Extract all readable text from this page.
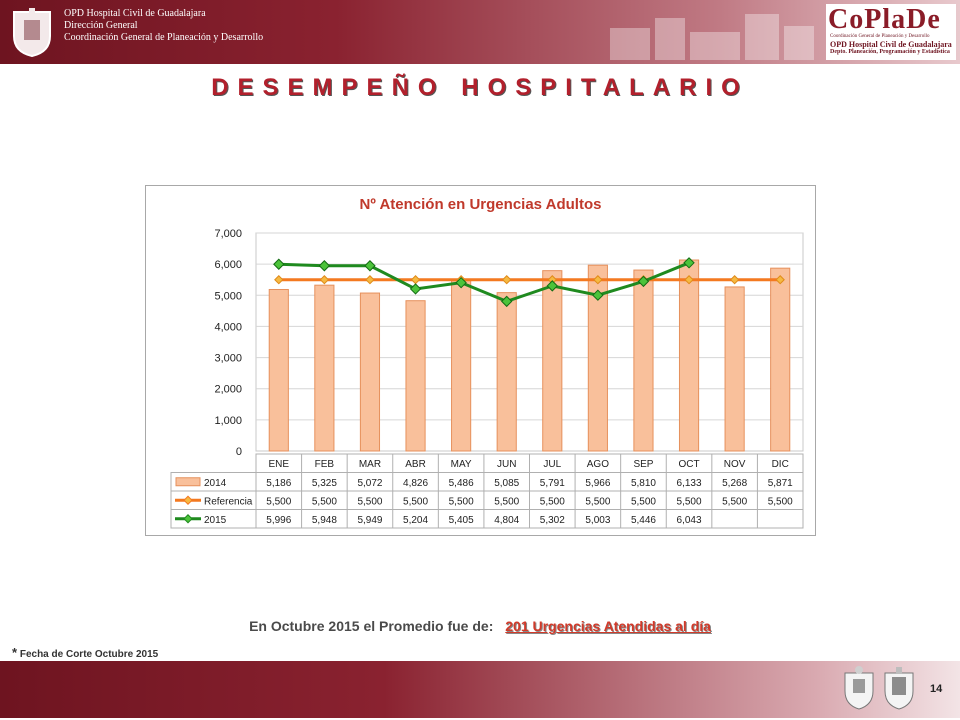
OPD Hospital Civil de Guadalajara
Dirección General
Coordinación General de Planeación y Desarrollo
CoPlaDe
Coordinación General de Planeación y Desarrollo
OPD Hospital Civil de Guadalajara
Depto. Planeación, Programación y Estadística
DESEMPEÑO HOSPITALARIO
Nº Atención en Urgencias Adultos
0
1,000
2,000
3,000
4,000
5,000
6,000
7,000
ENE	FEB MAR ABR MAY	JUN	JUL	AGO SEP	OCT NOV	DIC
2014	5,186 5,325 5,072 4,826 5,486 5,085 5,791 5,966 5,810 6,133 5,268 5,871
Referencia 5,500 5,500 5,500 5,500 5,500 5,500 5,500 5,500 5,500 5,500 5,500 5,500
2015	5,996 5,948 5,949 5,204 5,405 4,804 5,302 5,003 5,446 6,043
En Octubre 2015 el Promedio fue de: 201 Urgencias Atendidas al día
* Fecha de Corte Octubre 2015
14
